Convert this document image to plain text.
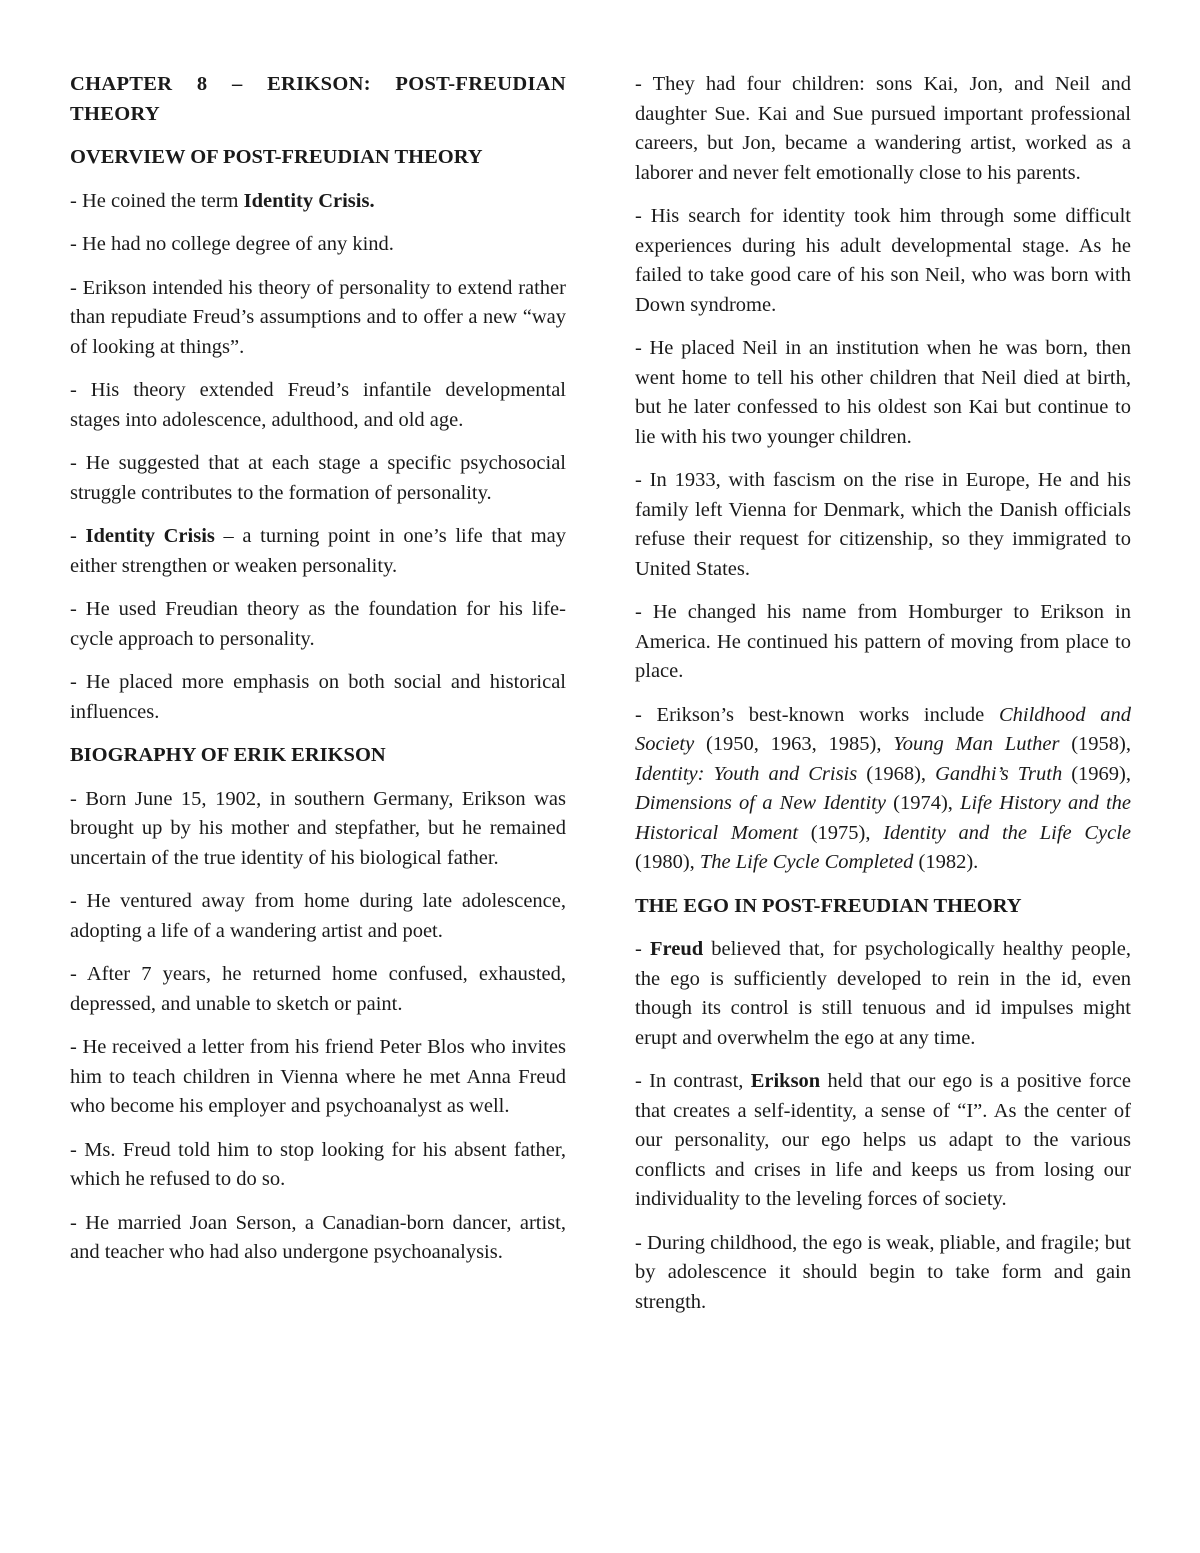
CHAPTER 8 – ERIKSON: POST-FREUDIAN THEORY
OVERVIEW OF POST-FREUDIAN THEORY

- He coined the term Identity Crisis.

- He had no college degree of any kind.

- Erikson intended his theory of personality to extend rather than repudiate Freud’s assumptions and to offer a new “way of looking at things”.

- His theory extended Freud’s infantile developmental stages into adolescence, adulthood, and old age.

- He suggested that at each stage a specific psychosocial struggle contributes to the formation of personality.

- Identity Crisis – a turning point in one’s life that may either strengthen or weaken personality.

- He used Freudian theory as the foundation for his life-cycle approach to personality.

- He placed more emphasis on both social and historical influences.

BIOGRAPHY OF ERIK ERIKSON

- Born June 15, 1902, in southern Germany, Erikson was brought up by his mother and stepfather, but he remained uncertain of the true identity of his biological father.

- He ventured away from home during late adolescence, adopting a life of a wandering artist and poet.

- After 7 years, he returned home confused, exhausted, depressed, and unable to sketch or paint.

- He received a letter from his friend Peter Blos who invites him to teach children in Vienna where he met Anna Freud who become his employer and psychoanalyst as well.

- Ms. Freud told him to stop looking for his absent father, which he refused to do so.

- He married Joan Serson, a Canadian-born dancer, artist, and teacher who had also undergone psychoanalysis.

- They had four children: sons Kai, Jon, and Neil and daughter Sue. Kai and Sue pursued important professional careers, but Jon, became a wandering artist, worked as a laborer and never felt emotionally close to his parents.

- His search for identity took him through some difficult experiences during his adult developmental stage. As he failed to take good care of his son Neil, who was born with Down syndrome.

- He placed Neil in an institution when he was born, then went home to tell his other children that Neil died at birth, but he later confessed to his oldest son Kai but continue to lie with his two younger children.

- In 1933, with fascism on the rise in Europe, He and his family left Vienna for Denmark, which the Danish officials refuse their request for citizenship, so they immigrated to United States.

- He changed his name from Homburger to Erikson in America. He continued his pattern of moving from place to place.

- Erikson’s best-known works include Childhood and Society (1950, 1963, 1985), Young Man Luther (1958), Identity: Youth and Crisis (1968), Gandhi’s Truth (1969), Dimensions of a New Identity (1974), Life History and the Historical Moment (1975), Identity and the Life Cycle (1980), The Life Cycle Completed (1982).

THE EGO IN POST-FREUDIAN THEORY

- Freud believed that, for psychologically healthy people, the ego is sufficiently developed to rein in the id, even though its control is still tenuous and id impulses might erupt and overwhelm the ego at any time.

- In contrast, Erikson held that our ego is a positive force that creates a self-identity, a sense of “I”. As the center of our personality, our ego helps us adapt to the various conflicts and crises in life and keeps us from losing our individuality to the leveling forces of society.

- During childhood, the ego is weak, pliable, and fragile; but by adolescence it should begin to take form and gain strength.
